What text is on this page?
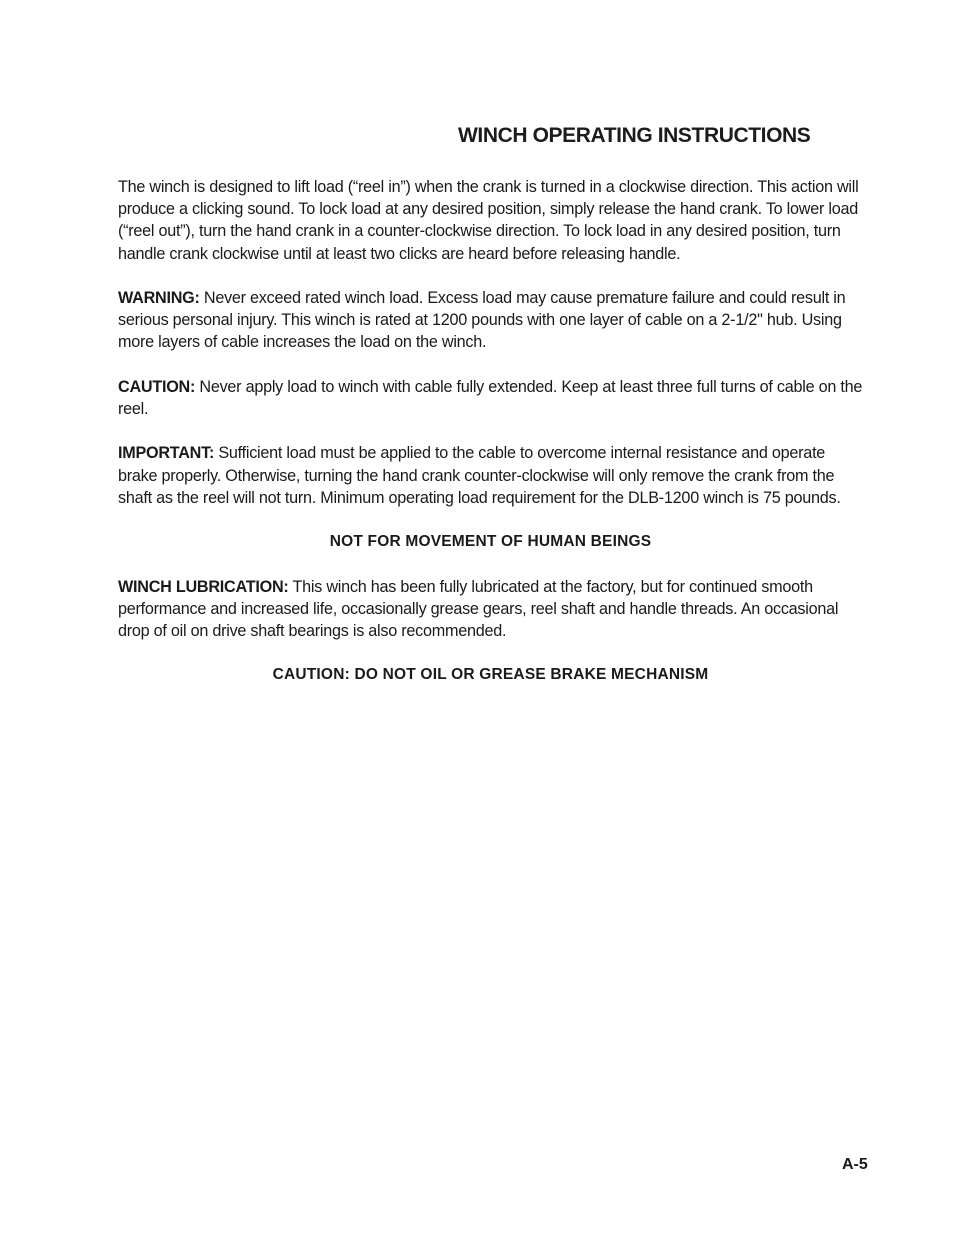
WINCH OPERATING INSTRUCTIONS

The winch is designed to lift load (“reel in”) when the crank is turned in a clockwise direction. This action will produce a clicking sound. To lock load at any desired position, simply release the hand crank. To lower load (“reel out”), turn the hand crank in a counter-clockwise direction. To lock load in any desired position, turn handle crank clockwise until at least two clicks are heard before releasing handle.

WARNING: Never exceed rated winch load. Excess load may cause premature failure and could result in serious personal injury. This winch is rated at 1200 pounds with one layer of cable on a 2-1/2" hub. Using more layers of cable increases the load on the winch.

CAUTION: Never apply load to winch with cable fully extended. Keep at least three full turns of cable on the reel.

IMPORTANT: Sufficient load must be applied to the cable to overcome internal resistance and operate brake properly. Otherwise, turning the hand crank counter-clockwise will only remove the crank from the shaft as the reel will not turn. Minimum operating load requirement for the DLB-1200 winch is 75 pounds.

NOT FOR MOVEMENT OF HUMAN BEINGS

WINCH LUBRICATION: This winch has been fully lubricated at the factory, but for continued smooth performance and increased life, occasionally grease gears, reel shaft and handle threads. An occasional drop of oil on drive shaft bearings is also recommended.

CAUTION: DO NOT OIL OR GREASE BRAKE MECHANISM

A-5
